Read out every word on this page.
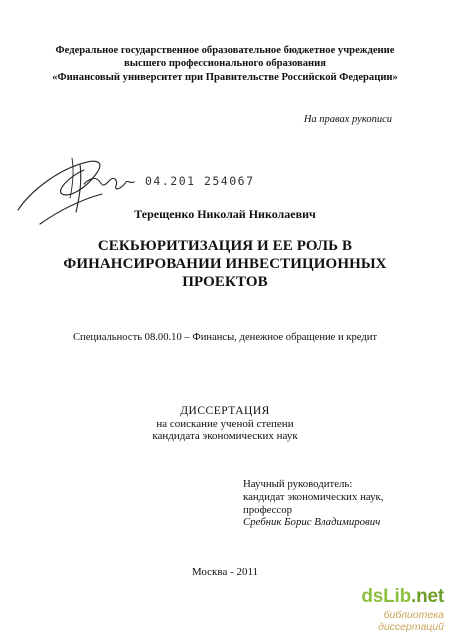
Федеральное государственное образовательное бюджетное учреждение
высшего профессионального образования
«Финансовый университет при Правительстве Российской Федерации»
На правах рукописи
04.201 254067
Терещенко Николай Николаевич
СЕКЬЮРИТИЗАЦИЯ И ЕЕ РОЛЬ В
ФИНАНСИРОВАНИИ ИНВЕСТИЦИОННЫХ
ПРОЕКТОВ
Специальность 08.00.10 – Финансы, денежное обращение и кредит
ДИССЕРТАЦИЯ
на соискание ученой степени
кандидата экономических наук
Научный руководитель:
кандидат экономических наук,
профессор
Сребник Борис Владимирович
Москва - 2011
dsLib.net
библиотека диссертаций
